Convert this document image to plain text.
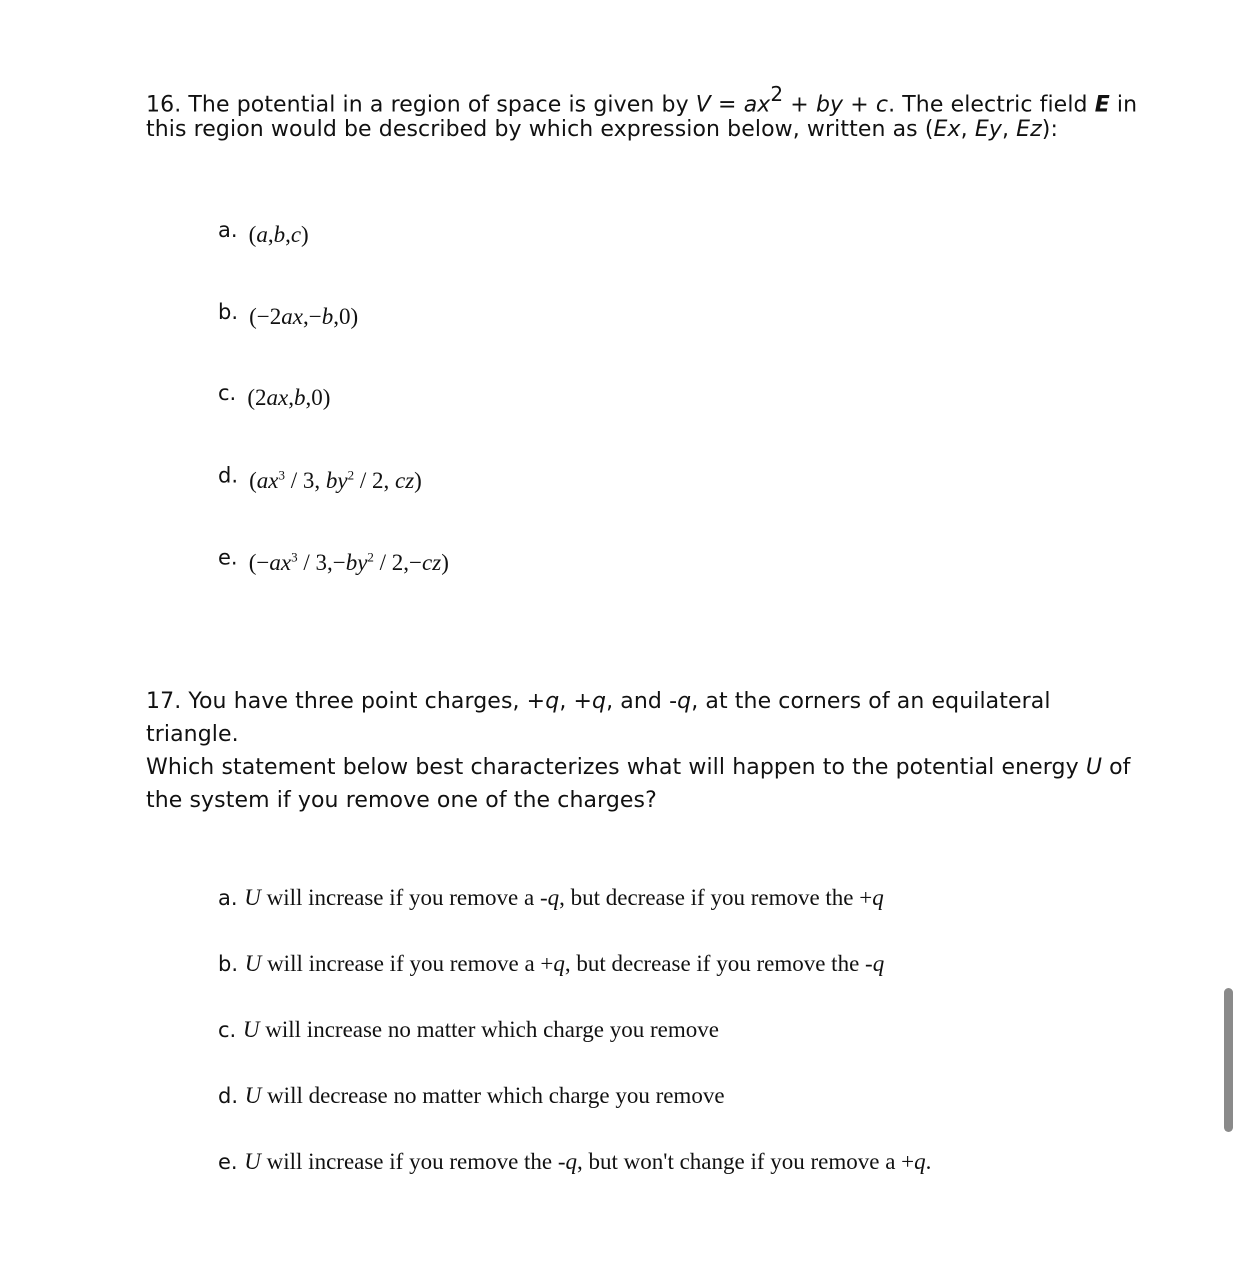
16. The potential in a region of space is given by $V = ax^2$ + by + c. The electric field E in
this region would be described by which expression below, written as (Ex, Ey, Ez):
a. (a,b,c)
b. (−2ax,−b,0)
c. (2ax,b,0)
d. ($ax^3 / 3$, $by^2 / 2$, cz)
e. $(-ax^3 / 3,-by^2 / 2,-cz)$
17. You have three point charges, +q, +q, and -q, at the corners of an equilateral
triangle.
Which statement below best characterizes what will happen to the potential energy U of
the system if you remove one of the charges?
a. U will increase if you remove a -q, but decrease if you remove the +q
b. U will increase if you remove a +q, but decrease if you remove the -q
c. U will increase no matter which charge you remove
d. U will decrease no matter which charge you remove
e. U will increase if you remove the -q, but won't change if you remove a +q.
